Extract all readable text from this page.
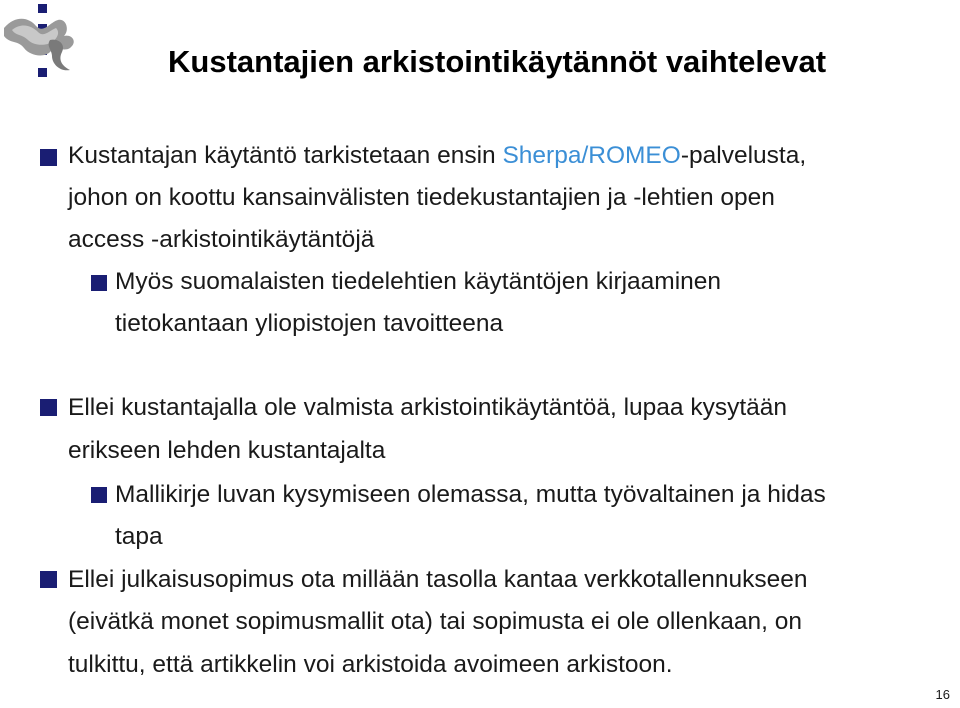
Kustantajien arkistointikäytännöt vaihtelevat
Kustantajan käytäntö tarkistetaan ensin Sherpa/ROMEO-palvelusta,
johon on koottu kansainvälisten tiedekustantajien ja -lehtien open
access -arkistointikäytäntöjä
Myös suomalaisten tiedelehtien käytäntöjen kirjaaminen
tietokantaan yliopistojen tavoitteena
Ellei kustantajalla ole valmista arkistointikäytäntöä, lupaa kysytään
erikseen lehden kustantajalta
Mallikirje luvan kysymiseen olemassa, mutta työvaltainen ja hidas
tapa
Ellei julkaisusopimus ota millään tasolla kantaa verkkotallennukseen
(eivätkä monet sopimusmallit ota) tai sopimusta ei ole ollenkaan, on
tulkittu, että artikkelin voi arkistoida avoimeen arkistoon.
16
